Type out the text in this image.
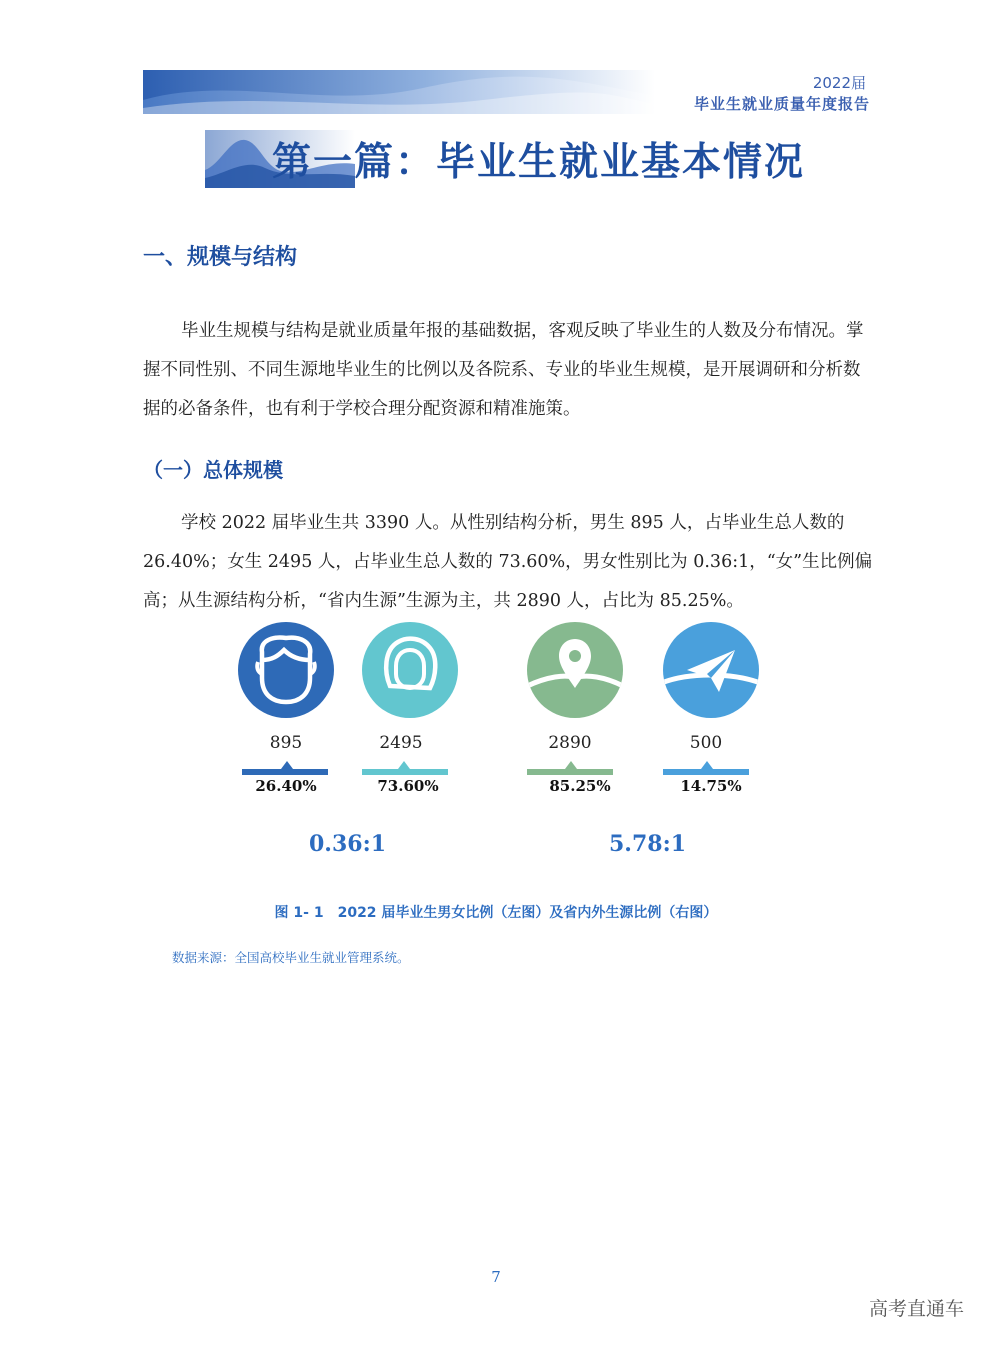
2022届
毕业生就业质量年度报告
第一篇：毕业生就业基本情况
一、规模与结构
毕业生规模与结构是就业质量年报的基础数据，客观反映了毕业生的人数及分布情况。掌握不同性别、不同生源地毕业生的比例以及各院系、专业的毕业生规模，是开展调研和分析数据的必备条件，也有利于学校合理分配资源和精准施策。
（一）总体规模
学校 2022 届毕业生共 3390 人。从性别结构分析，男生 895 人，占毕业生总人数的 26.40%；女生 2495 人，占毕业生总人数的 73.60%，男女性别比为 0.36:1，“女”生比例偏高；从生源结构分析，“省内生源”生源为主，共 2890 人，占比为 85.25%。
895	2495	2890	500
26.40%	73.60%	85.25%	14.75%
0.36:1	5.78:1
图 1- 1　2022 届毕业生男女比例（左图）及省内外生源比例（右图）
数据来源：全国高校毕业生就业管理系统。
7
高考直通车
